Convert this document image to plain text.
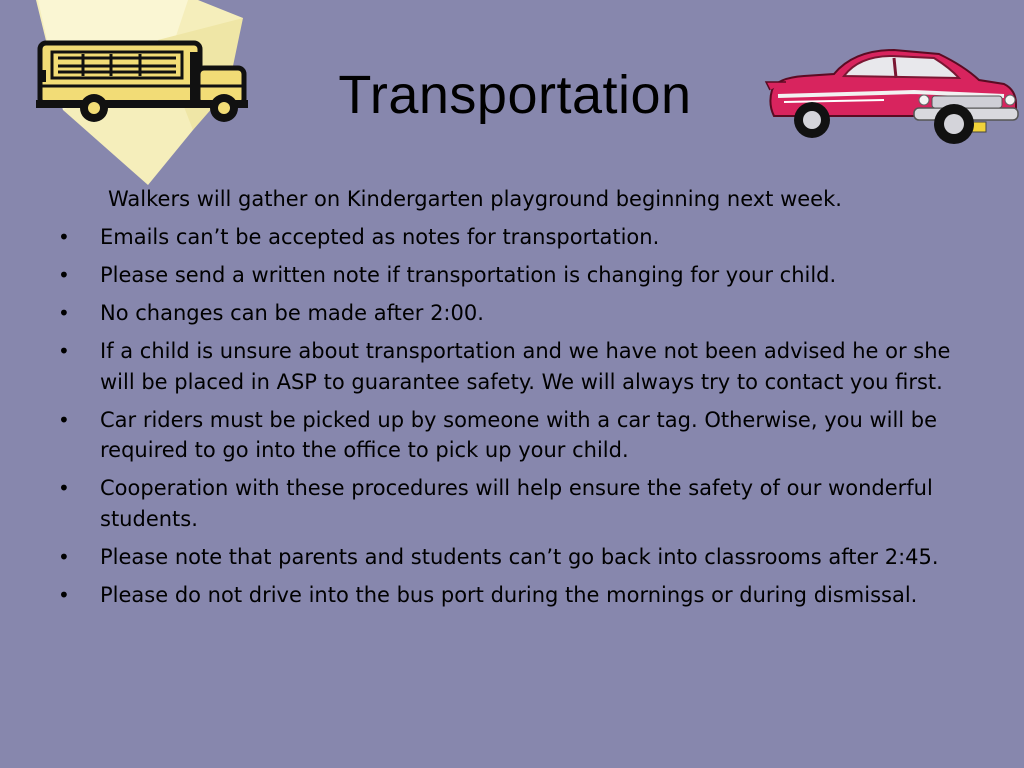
Transportation
Walkers will gather on Kindergarten playground beginning next week.
•	Emails can’t be accepted as notes for transportation.
•	Please send a written note if transportation is changing for your child.
•	No changes can be made after 2:00.
•	If a child is unsure about transportation and we have not been advised he or she will be placed in ASP to guarantee safety. We will always try to contact you first.
•	Car riders must be picked up by someone with a car tag. Otherwise, you will be required to go into the office to pick up your child.
•	Cooperation with these procedures will help ensure the safety of our wonderful students.
•	Please note that parents and students can’t go back into classrooms after 2:45.
•	Please do not drive into the bus port during the mornings or during dismissal.
